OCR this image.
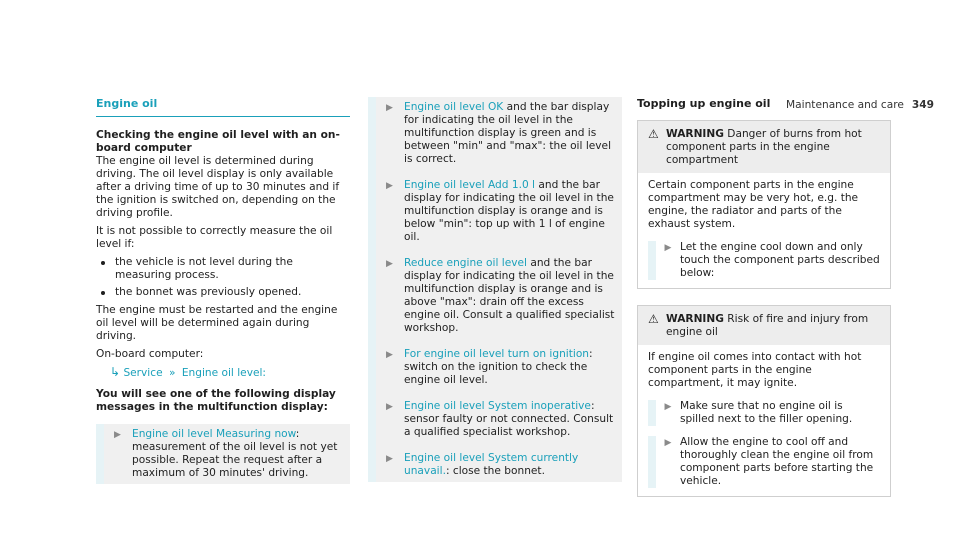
Maintenance and care 349
Engine oil
Checking the engine oil level with an on-board computer

The engine oil level is determined during driving. The oil level display is only available after a driving time of up to 30 minutes and if the ignition is switched on, depending on the driving profile.

It is not possible to correctly measure the oil level if:

the vehicle is not level during the measuring process.
the bonnet was previously opened.

The engine must be restarted and the engine oil level will be determined again during driving.

On-board computer:

↳ Service » Engine oil level:
You will see one of the following display messages in the multifunction display:
▶	Engine oil level Measuring now: measurement of the oil level is not yet possible. Repeat the request after a maximum of 30 minutes' driving.
▶	Engine oil level OK and the bar display for indicating the oil level in the multifunction display is green and is between "min" and "max": the oil level is correct.
▶	Engine oil level Add 1.0 l and the bar display for indicating the oil level in the multifunction display is orange and is below "min": top up with 1 l of engine oil.
▶	Reduce engine oil level and the bar display for indicating the oil level in the multifunction display is orange and is above "max": drain off the excess engine oil. Consult a qualified specialist workshop.
▶	For engine oil level turn on ignition: switch on the ignition to check the engine oil level.
▶	Engine oil level System inoperative: sensor faulty or not connected. Consult a qualified specialist workshop.
▶	Engine oil level System currently unavail.: close the bonnet.
Topping up engine oil
⚠ WARNING Danger of burns from hot component parts in the engine compartment
Certain component parts in the engine compartment may be very hot, e.g. the engine, the radiator and parts of the exhaust system.
▶ Let the engine cool down and only touch the component parts described below:
⚠ WARNING Risk of fire and injury from engine oil
If engine oil comes into contact with hot component parts in the engine compartment, it may ignite.
▶ Make sure that no engine oil is spilled next to the filler opening.
▶ Allow the engine to cool off and thoroughly clean the engine oil from component parts before starting the vehicle.
